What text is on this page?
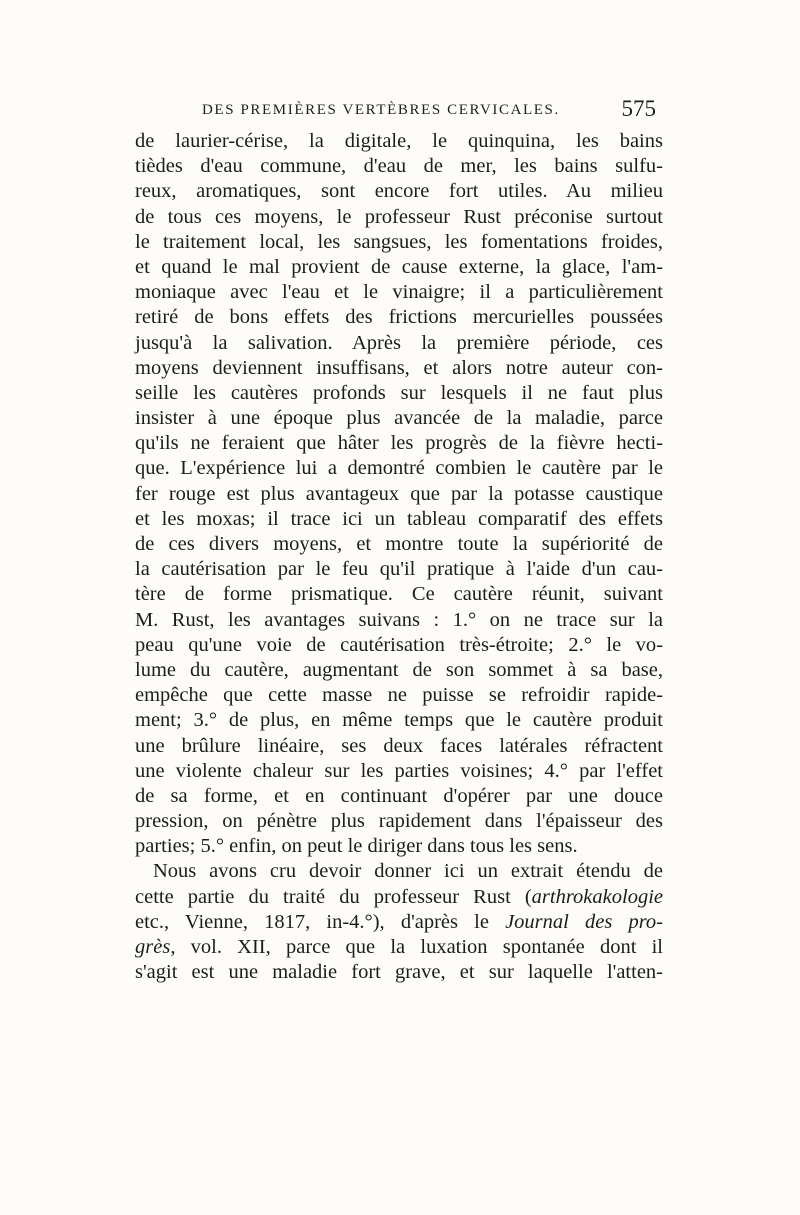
DES PREMIÈRES VERTÈBRES CERVICALES.	575
de laurier-cérise, la digitale, le quinquina, les bains
tièdes d'eau commune, d'eau de mer, les bains sulfu-
reux, aromatiques, sont encore fort utiles. Au milieu
de tous ces moyens, le professeur Rust préconise surtout
le traitement local, les sangsues, les fomentations froides,
et quand le mal provient de cause externe, la glace, l'am-
moniaque avec l'eau et le vinaigre; il a particulièrement
retiré de bons effets des frictions mercurielles poussées
jusqu'à la salivation. Après la première période, ces
moyens deviennent insuffisans, et alors notre auteur con-
seille les cautères profonds sur lesquels il ne faut plus
insister à une époque plus avancée de la maladie, parce
qu'ils ne feraient que hâter les progrès de la fièvre hecti-
que. L'expérience lui a demontré combien le cautère par le
fer rouge est plus avantageux que par la potasse caustique
et les moxas; il trace ici un tableau comparatif des effets
de ces divers moyens, et montre toute la supériorité de
la cautérisation par le feu qu'il pratique à l'aide d'un cau-
tère de forme prismatique. Ce cautère réunit, suivant
M. Rust, les avantages suivans : 1.° on ne trace sur la
peau qu'une voie de cautérisation très-étroite; 2.° le vo-
lume du cautère, augmentant de son sommet à sa base,
empêche que cette masse ne puisse se refroidir rapide-
ment; 3.° de plus, en même temps que le cautère produit
une brûlure linéaire, ses deux faces latérales réfractent
une violente chaleur sur les parties voisines; 4.° par l'effet
de sa forme, et en continuant d'opérer par une douce
pression, on pénètre plus rapidement dans l'épaisseur des
parties; 5.° enfin, on peut le diriger dans tous les sens.
Nous avons cru devoir donner ici un extrait étendu de
cette partie du traité du professeur Rust (arthrokakologie
etc., Vienne, 1817, in-4.°), d'après le Journal des pro-
grès, vol. XII, parce que la luxation spontanée dont il
s'agit est une maladie fort grave, et sur laquelle l'atten-
